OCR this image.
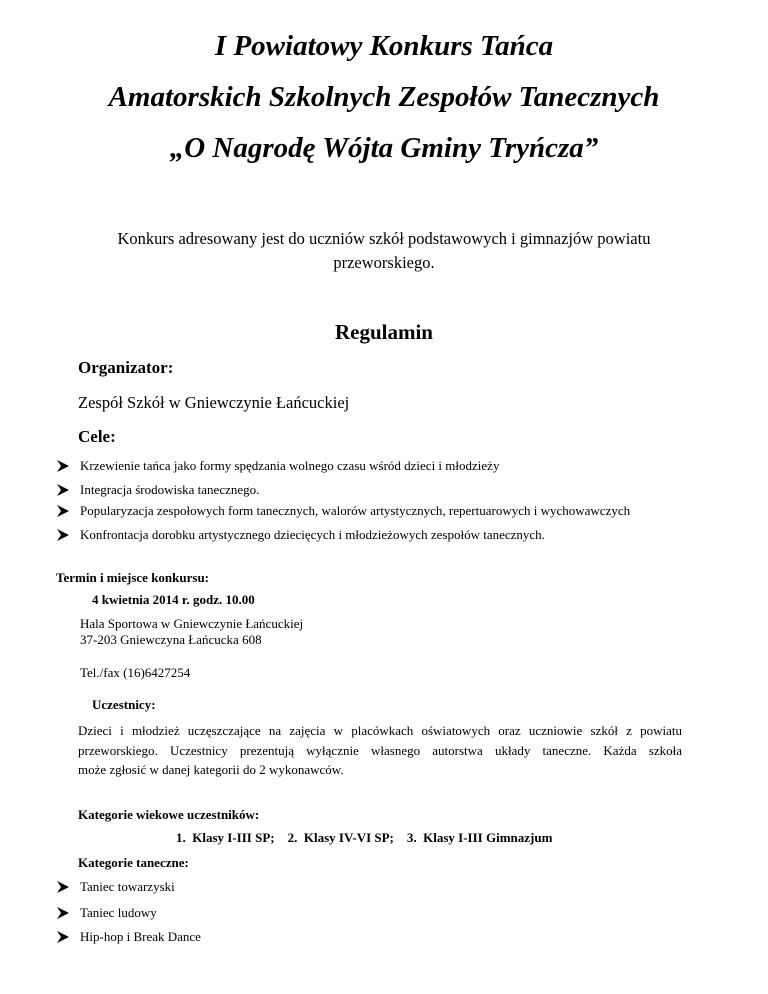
I Powiatowy Konkurs Tańca
Amatorskich Szkolnych Zespołów Tanecznych
„O Nagrodę Wójta Gminy Tryńcza”
Konkurs adresowany jest do uczniów szkół podstawowych i gimnazjów powiatu
przeworskiego.
Regulamin
Organizator:
Zespół Szkół w Gniewczynie Łańcuckiej
Cele:
Krzewienie tańca jako formy spędzania wolnego czasu wśród dzieci i młodzieży
Integracja środowiska tanecznego.
Popularyzacja zespołowych form tanecznych, walorów artystycznych, repertuarowych i wychowawczych
Konfrontacja dorobku artystycznego dziecięcych i młodzieżowych zespołów tanecznych.
Termin i miejsce konkursu:
4 kwietnia 2014 r. godz. 10.00
Hala Sportowa w Gniewczynie Łańcuckiej
37-203 Gniewczyna Łańcucka 608
Tel./fax (16)6427254
Uczestnicy:
Dzieci i młodzież uczęszczające na zajęcia w placówkach oświatowych oraz uczniowie szkół z powiatu
przeworskiego. Uczestnicy prezentują wyłącznie własnego autorstwa układy taneczne. Każda szkoła
może zgłosić w danej kategorii do 2 wykonawców.
Kategorie wiekowe uczestników:
1.  Klasy I-III SP;    2.  Klasy IV-VI SP;    3.  Klasy I-III Gimnazjum
Kategorie taneczne:
Taniec towarzyski
Taniec ludowy
Hip-hop i Break Dance
